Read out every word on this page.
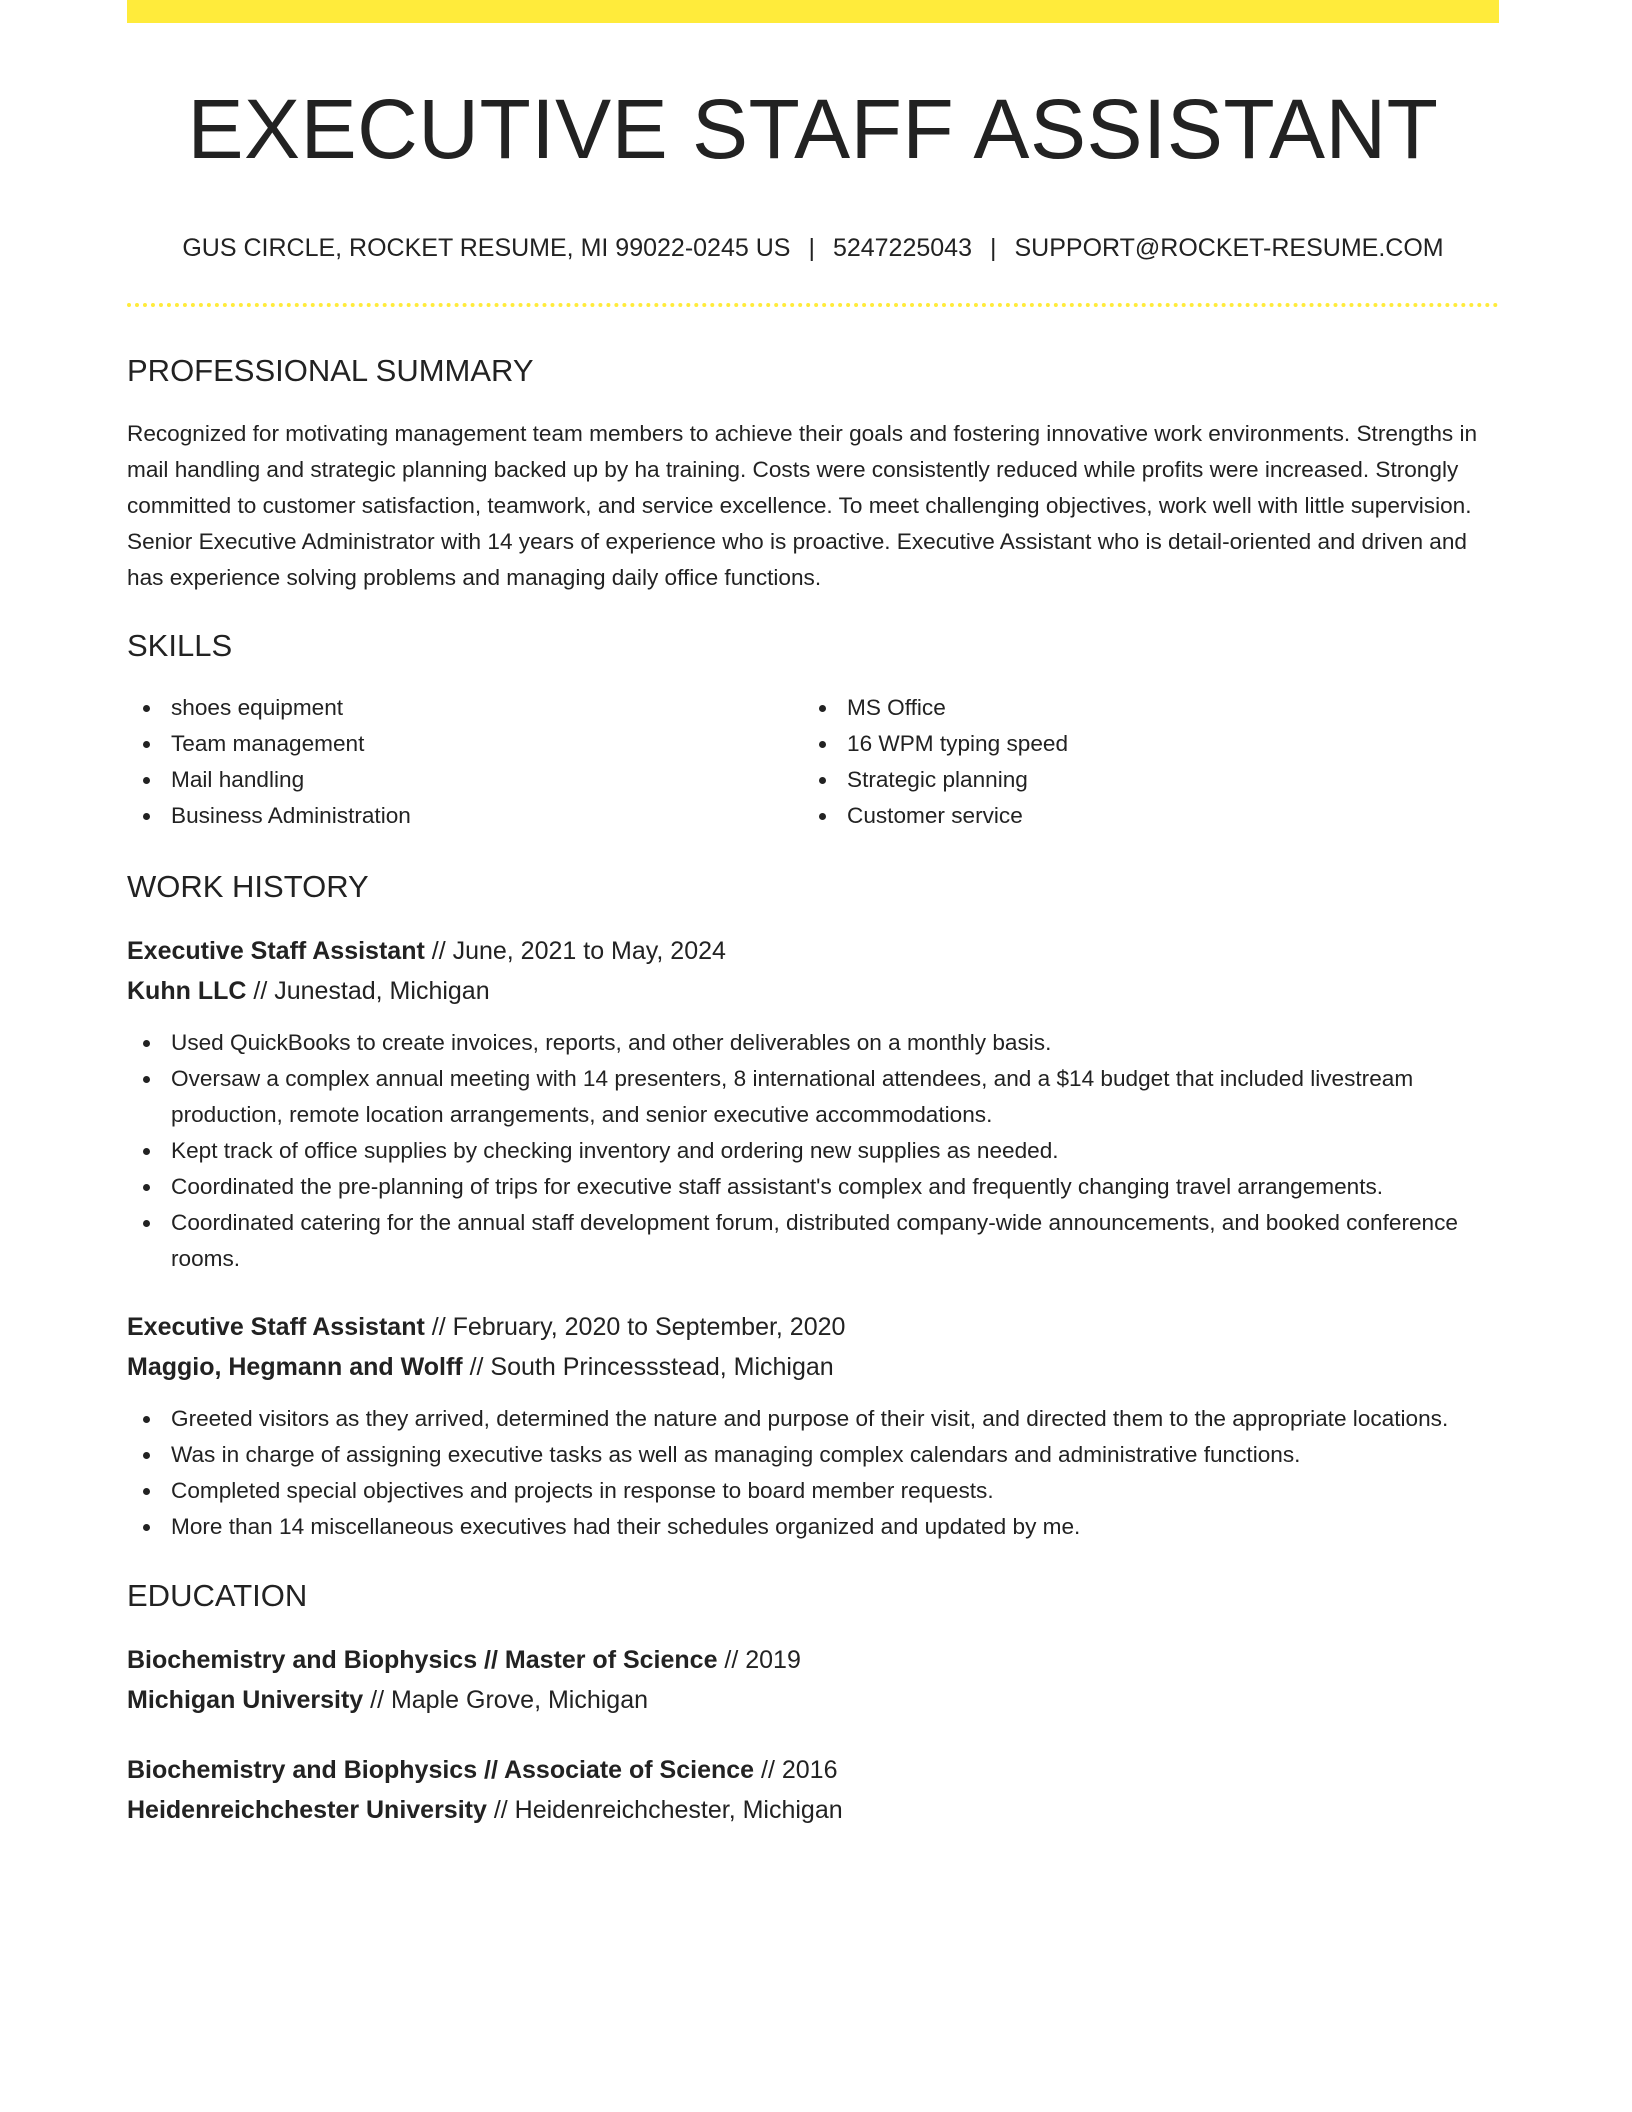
EXECUTIVE STAFF ASSISTANT
GUS CIRCLE, ROCKET RESUME, MI 99022-0245 US | 5247225043 | SUPPORT@ROCKET-RESUME.COM
PROFESSIONAL SUMMARY

Recognized for motivating management team members to achieve their goals and fostering innovative work environments. Strengths in mail handling and strategic planning backed up by ha training. Costs were consistently reduced while profits were increased. Strongly committed to customer satisfaction, teamwork, and service excellence. To meet challenging objectives, work well with little supervision. Senior Executive Administrator with 14 years of experience who is proactive. Executive Assistant who is detail-oriented and driven and has experience solving problems and managing daily office functions.

SKILLS
shoes equipment
Team management
Mail handling
Business Administration
MS Office
16 WPM typing speed
Strategic planning
Customer service
WORK HISTORY
Executive Staff Assistant // June, 2021 to May, 2024
Kuhn LLC // Junestad, Michigan
Used QuickBooks to create invoices, reports, and other deliverables on a monthly basis.
Oversaw a complex annual meeting with 14 presenters, 8 international attendees, and a $14 budget that included livestream production, remote location arrangements, and senior executive accommodations.
Kept track of office supplies by checking inventory and ordering new supplies as needed.
Coordinated the pre-planning of trips for executive staff assistant's complex and frequently changing travel arrangements.
Coordinated catering for the annual staff development forum, distributed company-wide announcements, and booked conference rooms.
Executive Staff Assistant // February, 2020 to September, 2020
Maggio, Hegmann and Wolff // South Princessstead, Michigan
Greeted visitors as they arrived, determined the nature and purpose of their visit, and directed them to the appropriate locations.
Was in charge of assigning executive tasks as well as managing complex calendars and administrative functions.
Completed special objectives and projects in response to board member requests.
More than 14 miscellaneous executives had their schedules organized and updated by me.
EDUCATION
Biochemistry and Biophysics // Master of Science // 2019
Michigan University // Maple Grove, Michigan
Biochemistry and Biophysics // Associate of Science // 2016
Heidenreichchester University // Heidenreichchester, Michigan
